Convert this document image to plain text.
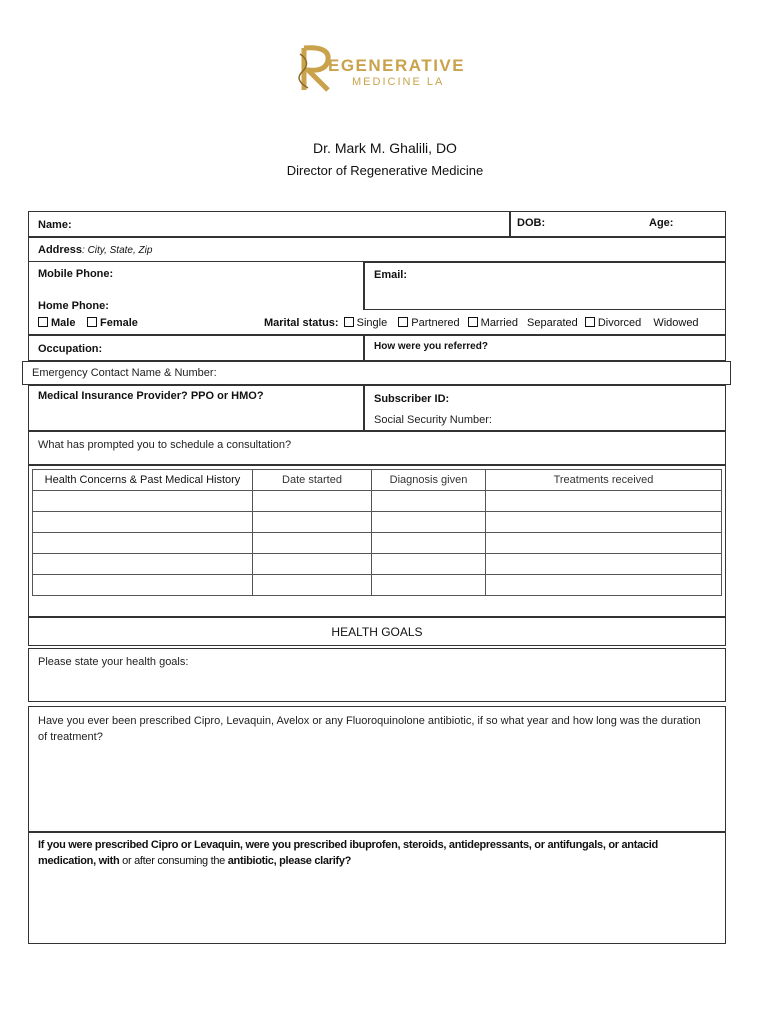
EGENERATIVE
MEDICINE LA
Dr. Mark M. Ghalili, DO
Director of Regenerative Medicine
Name:	DOB:	Age:
Address: City, State, Zip
Mobile Phone:
Home Phone:
Email:
Male	Female	Marital status: Single Partnered Married Separated Divorced Widowed
Occupation:	How were you referred?
Emergency Contact Name & Number:
Medical Insurance Provider? PPO or HMO?	Subscriber ID:
Social Security Number:
What has prompted you to schedule a consultation?
Health Concerns & Past Medical History	Date started	Diagnosis given	Treatments received

HEALTH GOALS
Please state your health goals:
Have you ever been prescribed Cipro, Levaquin, Avelox or any Fluoroquinolone antibiotic, if so what year and how long was the duration of treatment?
If you were prescribed Cipro or Levaquin, were you prescribed ibuprofen, steroids, antidepressants, or antifungals, or antacid medication, with or after consuming the antibiotic, please clarify?
